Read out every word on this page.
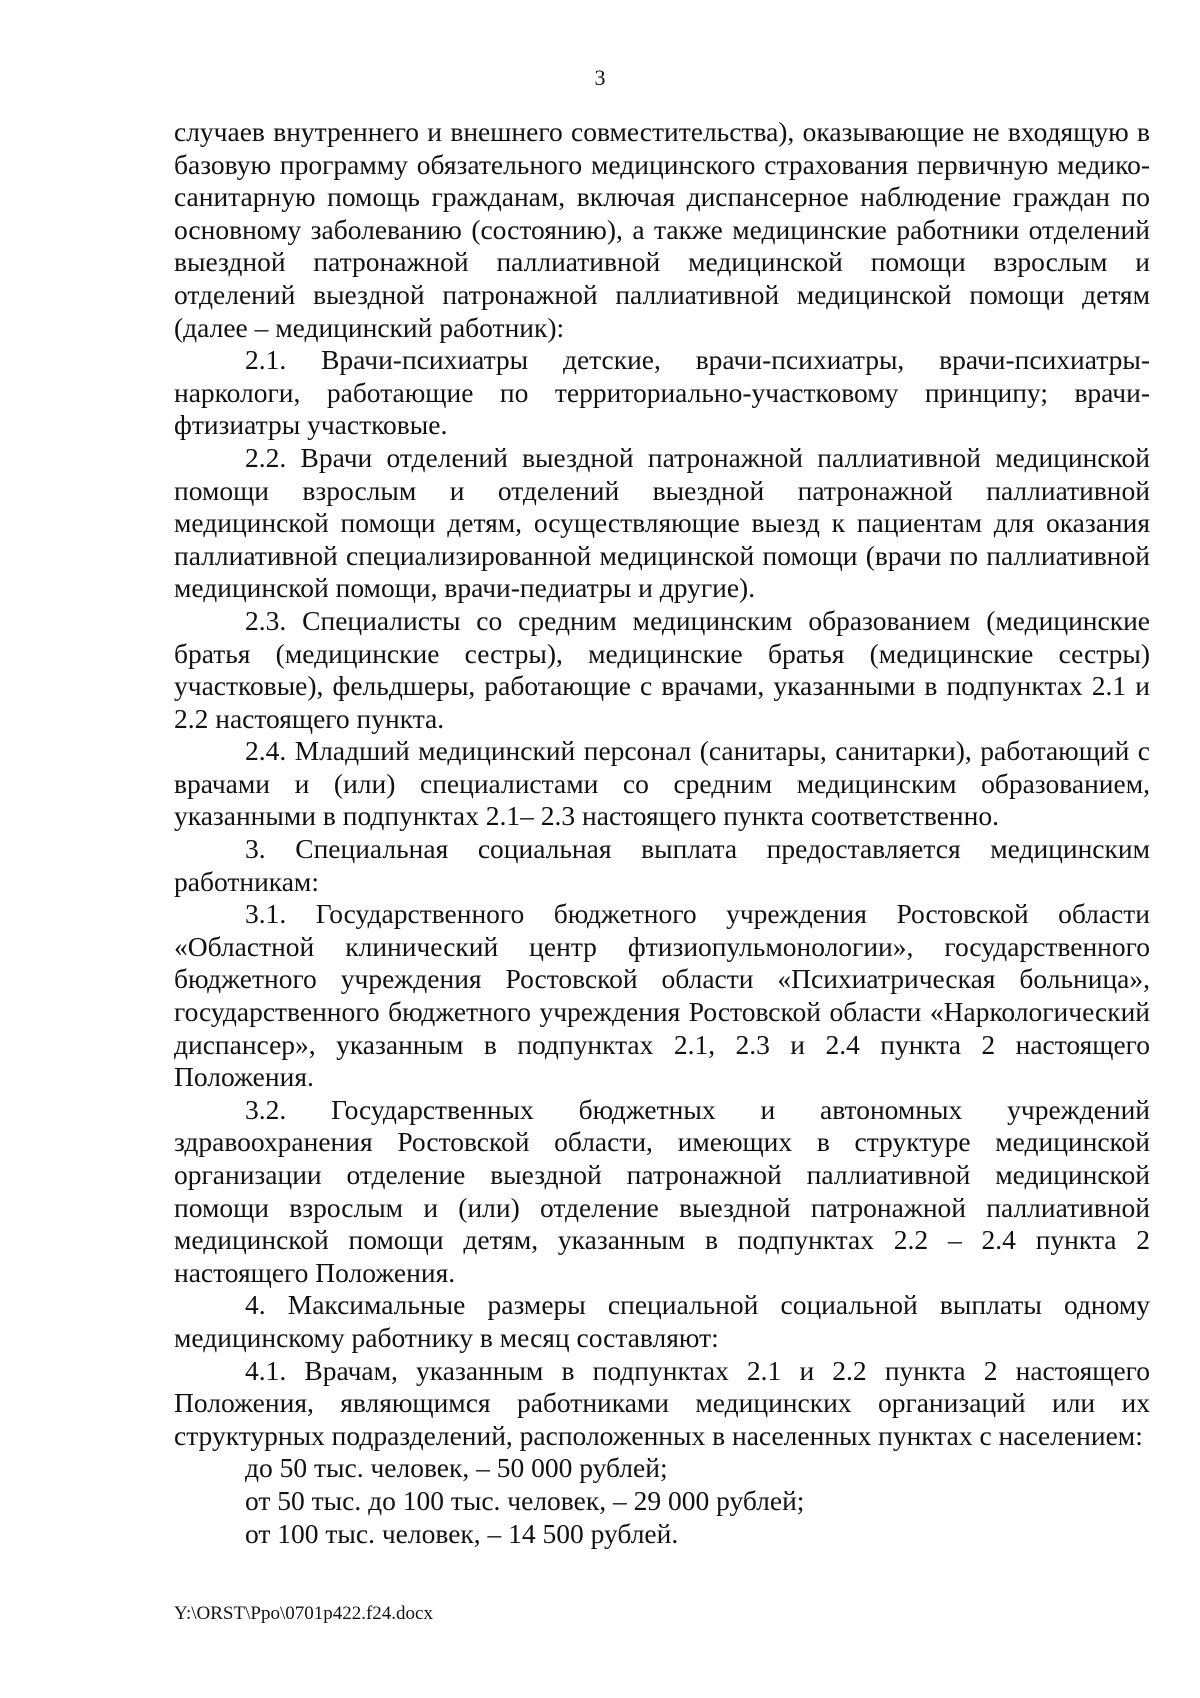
3

случаев внутреннего и внешнего совместительства), оказывающие не входящую в базовую программу обязательного медицинского страхования первичную медико-санитарную помощь гражданам, включая диспансерное наблюдение граждан по основному заболеванию (состоянию), а также медицинские работники отделений выездной патронажной паллиативной медицинской помощи взрослым и отделений выездной патронажной паллиативной медицинской помощи детям (далее – медицинский работник):

2.1. Врачи-психиатры детские, врачи-психиатры, врачи-психиатры-наркологи, работающие по территориально-участковому принципу; врачи-фтизиатры участковые.

2.2. Врачи отделений выездной патронажной паллиативной медицинской помощи взрослым и отделений выездной патронажной паллиативной медицинской помощи детям, осуществляющие выезд к пациентам для оказания паллиативной специализированной медицинской помощи (врачи по паллиативной медицинской помощи, врачи-педиатры и другие).

2.3. Специалисты со средним медицинским образованием (медицинские братья (медицинские сестры), медицинские братья (медицинские сестры) участковые), фельдшеры, работающие с врачами, указанными в подпунктах 2.1 и 2.2 настоящего пункта.

2.4. Младший медицинский персонал (санитары, санитарки), работающий с врачами и (или) специалистами со средним медицинским образованием, указанными в подпунктах 2.1– 2.3 настоящего пункта соответственно.

3. Специальная социальная выплата предоставляется медицинским работникам:

3.1. Государственного бюджетного учреждения Ростовской области «Областной клинический центр фтизиопульмонологии», государственного бюджетного учреждения Ростовской области «Психиатрическая больница», государственного бюджетного учреждения Ростовской области «Наркологический диспансер», указанным в подпунктах 2.1, 2.3 и 2.4 пункта 2 настоящего Положения.

3.2. Государственных бюджетных и автономных учреждений здравоохранения Ростовской области, имеющих в структуре медицинской организации отделение выездной патронажной паллиативной медицинской помощи взрослым и (или) отделение выездной патронажной паллиативной медицинской помощи детям, указанным в подпунктах 2.2 – 2.4 пункта 2 настоящего Положения.

4. Максимальные размеры специальной социальной выплаты одному медицинскому работнику в месяц составляют:

4.1. Врачам, указанным в подпунктах 2.1 и 2.2 пункта 2 настоящего Положения, являющимся работниками медицинских организаций или их структурных подразделений, расположенных в населенных пунктах с населением:

до 50 тыс. человек, – 50 000 рублей;

от 50 тыс. до 100 тыс. человек, – 29 000 рублей;

от 100 тыс. человек, – 14 500 рублей.

Y:\ORST\Ppo\0701p422.f24.docx
